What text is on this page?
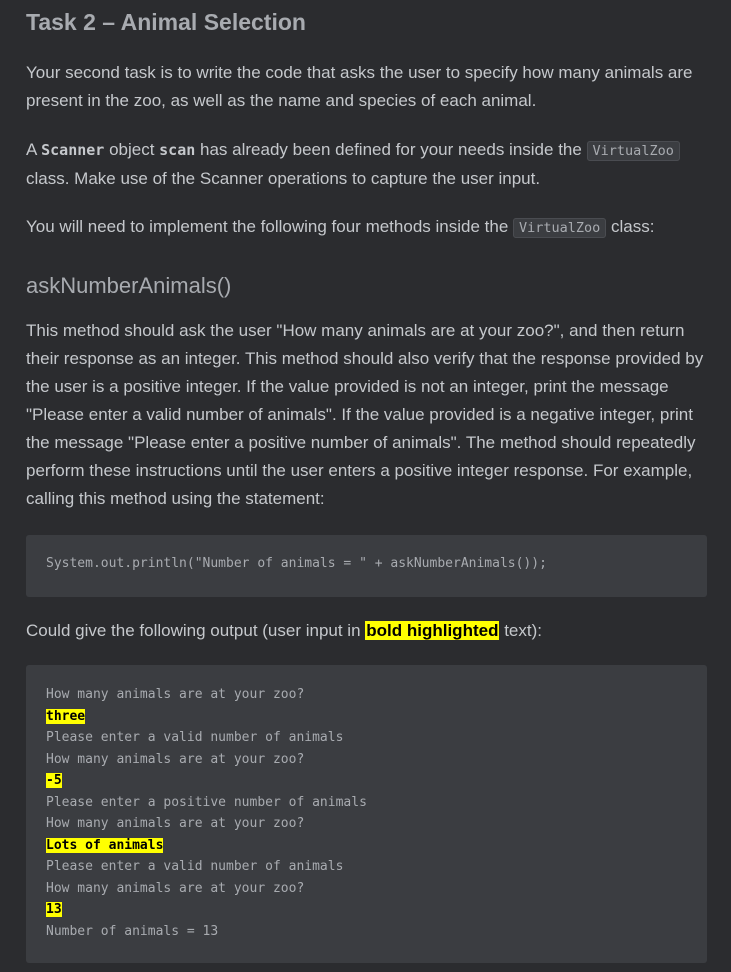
Task 2 – Animal Selection

Your second task is to write the code that asks the user to specify how many animals are present in the zoo, as well as the name and species of each animal.

A Scanner object scan has already been defined for your needs inside the VirtualZoo class. Make use of the Scanner operations to capture the user input.

You will need to implement the following four methods inside the VirtualZoo class:

askNumberAnimals()

This method should ask the user "How many animals are at your zoo?", and then return their response as an integer. This method should also verify that the response provided by the user is a positive integer. If the value provided is not an integer, print the message "Please enter a valid number of animals". If the value provided is a negative integer, print the message "Please enter a positive number of animals". The method should repeatedly perform these instructions until the user enters a positive integer response. For example, calling this method using the statement:

System.out.println("Number of animals = " + askNumberAnimals());

Could give the following output (user input in bold highlighted text):

How many animals are at your zoo?
three
Please enter a valid number of animals
How many animals are at your zoo?
-5
Please enter a positive number of animals
How many animals are at your zoo?
Lots of animals
Please enter a valid number of animals
How many animals are at your zoo?
13
Number of animals = 13
